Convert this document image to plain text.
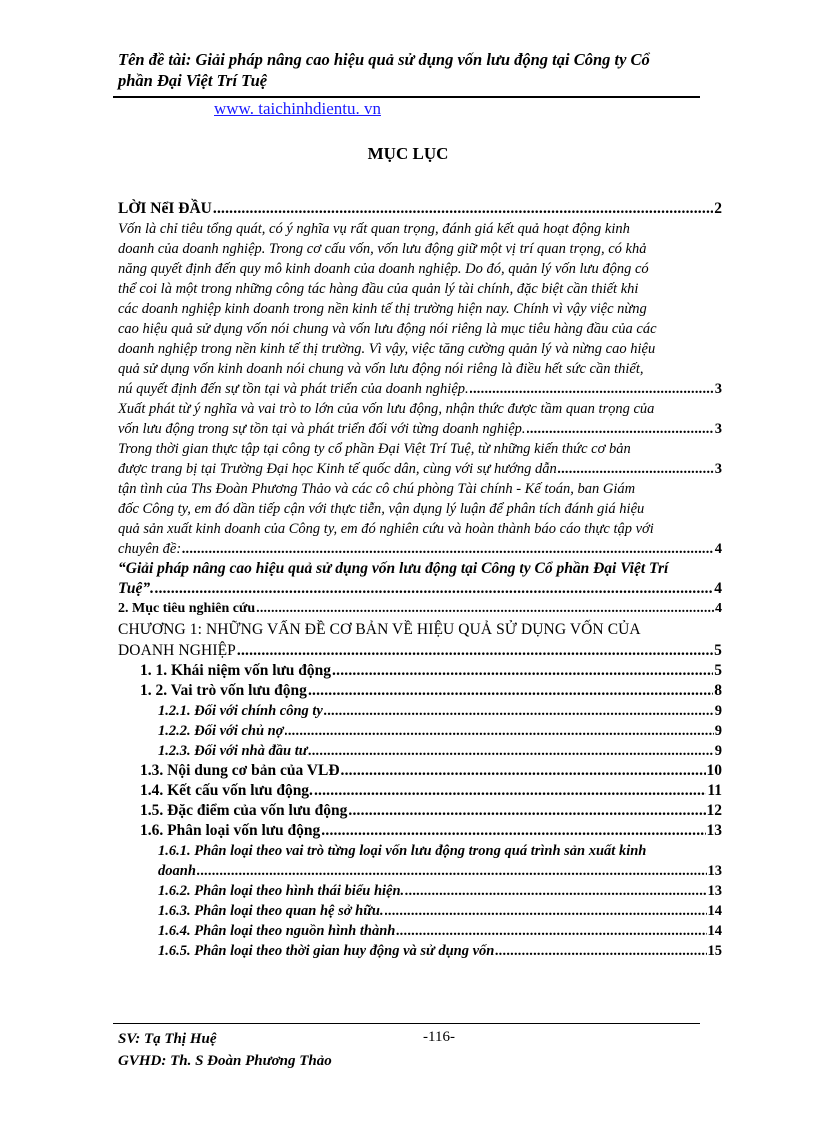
Tên đề tài: Giải pháp nâng cao hiệu quả sử dụng vốn lưu động tại Công ty Cổ
phần Đại Việt Trí Tuệ
www. taichinhdientu. vn
MỤC LỤC
LỜI NểI ĐẦU .....	2
Vốn là chỉ tiêu tổng quát, có ý nghĩa vụ rất quan trọng, đánh giá kết quả hoạt động kinh
doanh của doanh nghiệp. Trong cơ cấu vốn, vốn lưu động giữ một vị trí quan trọng, có khả
năng quyết định đến quy mô kinh doanh của doanh nghiệp. Do đó, quản lý vốn lưu động có
thể coi là một trong những công tác hàng đầu của quản lý tài chính, đặc biệt cần thiết khi
các doanh nghiệp kinh doanh trong nền kinh tế thị trường hiện nay. Chính vì vậy việc nừng
cao hiệu quả sử dụng vốn nói chung và vốn lưu động nói riêng là mục tiêu hàng đầu của các
doanh nghiệp trong nền kinh tế thị trường. Vì vậy, việc tăng cường quản lý và nừng cao hiệu
quả sử dụng vốn kinh doanh nói chung và vốn lưu động nói riêng là điều hết sức cần thiết,
nú quyết định đến sự tồn tại và phát triển của doanh nghiệp. .....	3
Xuất phát từ ý nghĩa và vai trò to lớn của vốn lưu động, nhận thức được tầm quan trọng của
vốn lưu động trong sự tồn tại và phát triển đối với từng doanh nghiệp. .....	3
Trong thời gian thực tập tại công ty cổ phần Đại Việt Trí Tuệ, từ những kiến thức cơ bản
được trang bị tại Trường Đại học Kinh tế quốc dân, cùng với sự hướng dẫn .....	3
tận tình của Ths Đoàn Phương Thảo và các cô chú phòng Tài chính - Kế toán, ban Giám
đốc Công ty, em đó dần tiếp cận với thực tiễn, vận dụng lý luận để phân tích đánh giá hiệu
quả sản xuất kinh doanh của Công ty, em đó nghiên cứu và hoàn thành báo cáo thực tập với
chuyên đề: .....	4
“Giải pháp nâng cao hiệu quả sử dụng vốn lưu động tại Công ty Cổ phần Đại Việt Trí
Tuệ”. .....	4
2. Mục tiêu nghiên cứu .....	4
CHƯƠNG 1: NHỮNG VẤN ĐỀ CƠ BẢN VỀ HIỆU QUẢ SỬ DỤNG VỐN CỦA
DOANH NGHIỆP .....	5
1. 1. Khái niệm vốn lưu động .....	5
1. 2. Vai trò vốn lưu động .....	8
1.2.1. Đối với chính công ty .....	9
1.2.2. Đối với chủ nợ .....	9
1.2.3. Đối với nhà đầu tư .....	9
1.3. Nội dung cơ bản của VLĐ .....	10
1.4. Kết cấu vốn lưu động. .....	11
1.5. Đặc điểm của vốn lưu động .....	12
1.6. Phân loại vốn lưu động .....	13
1.6.1. Phân loại theo vai trò từng loại vốn lưu động trong quá trình sản xuất kinh
doanh .....	13
1.6.2. Phân loại theo hình thái biểu hiện. .....	13
1.6.3. Phân loại theo quan hệ sở hữu. .....	14
1.6.4. Phân loại theo nguồn hình thành .....	14
1.6.5. Phân loại theo thời gian huy động và sử dụng vốn .....	15
SV: Tạ Thị Huệ	-116-
GVHD: Th. S Đoàn Phương Thảo
